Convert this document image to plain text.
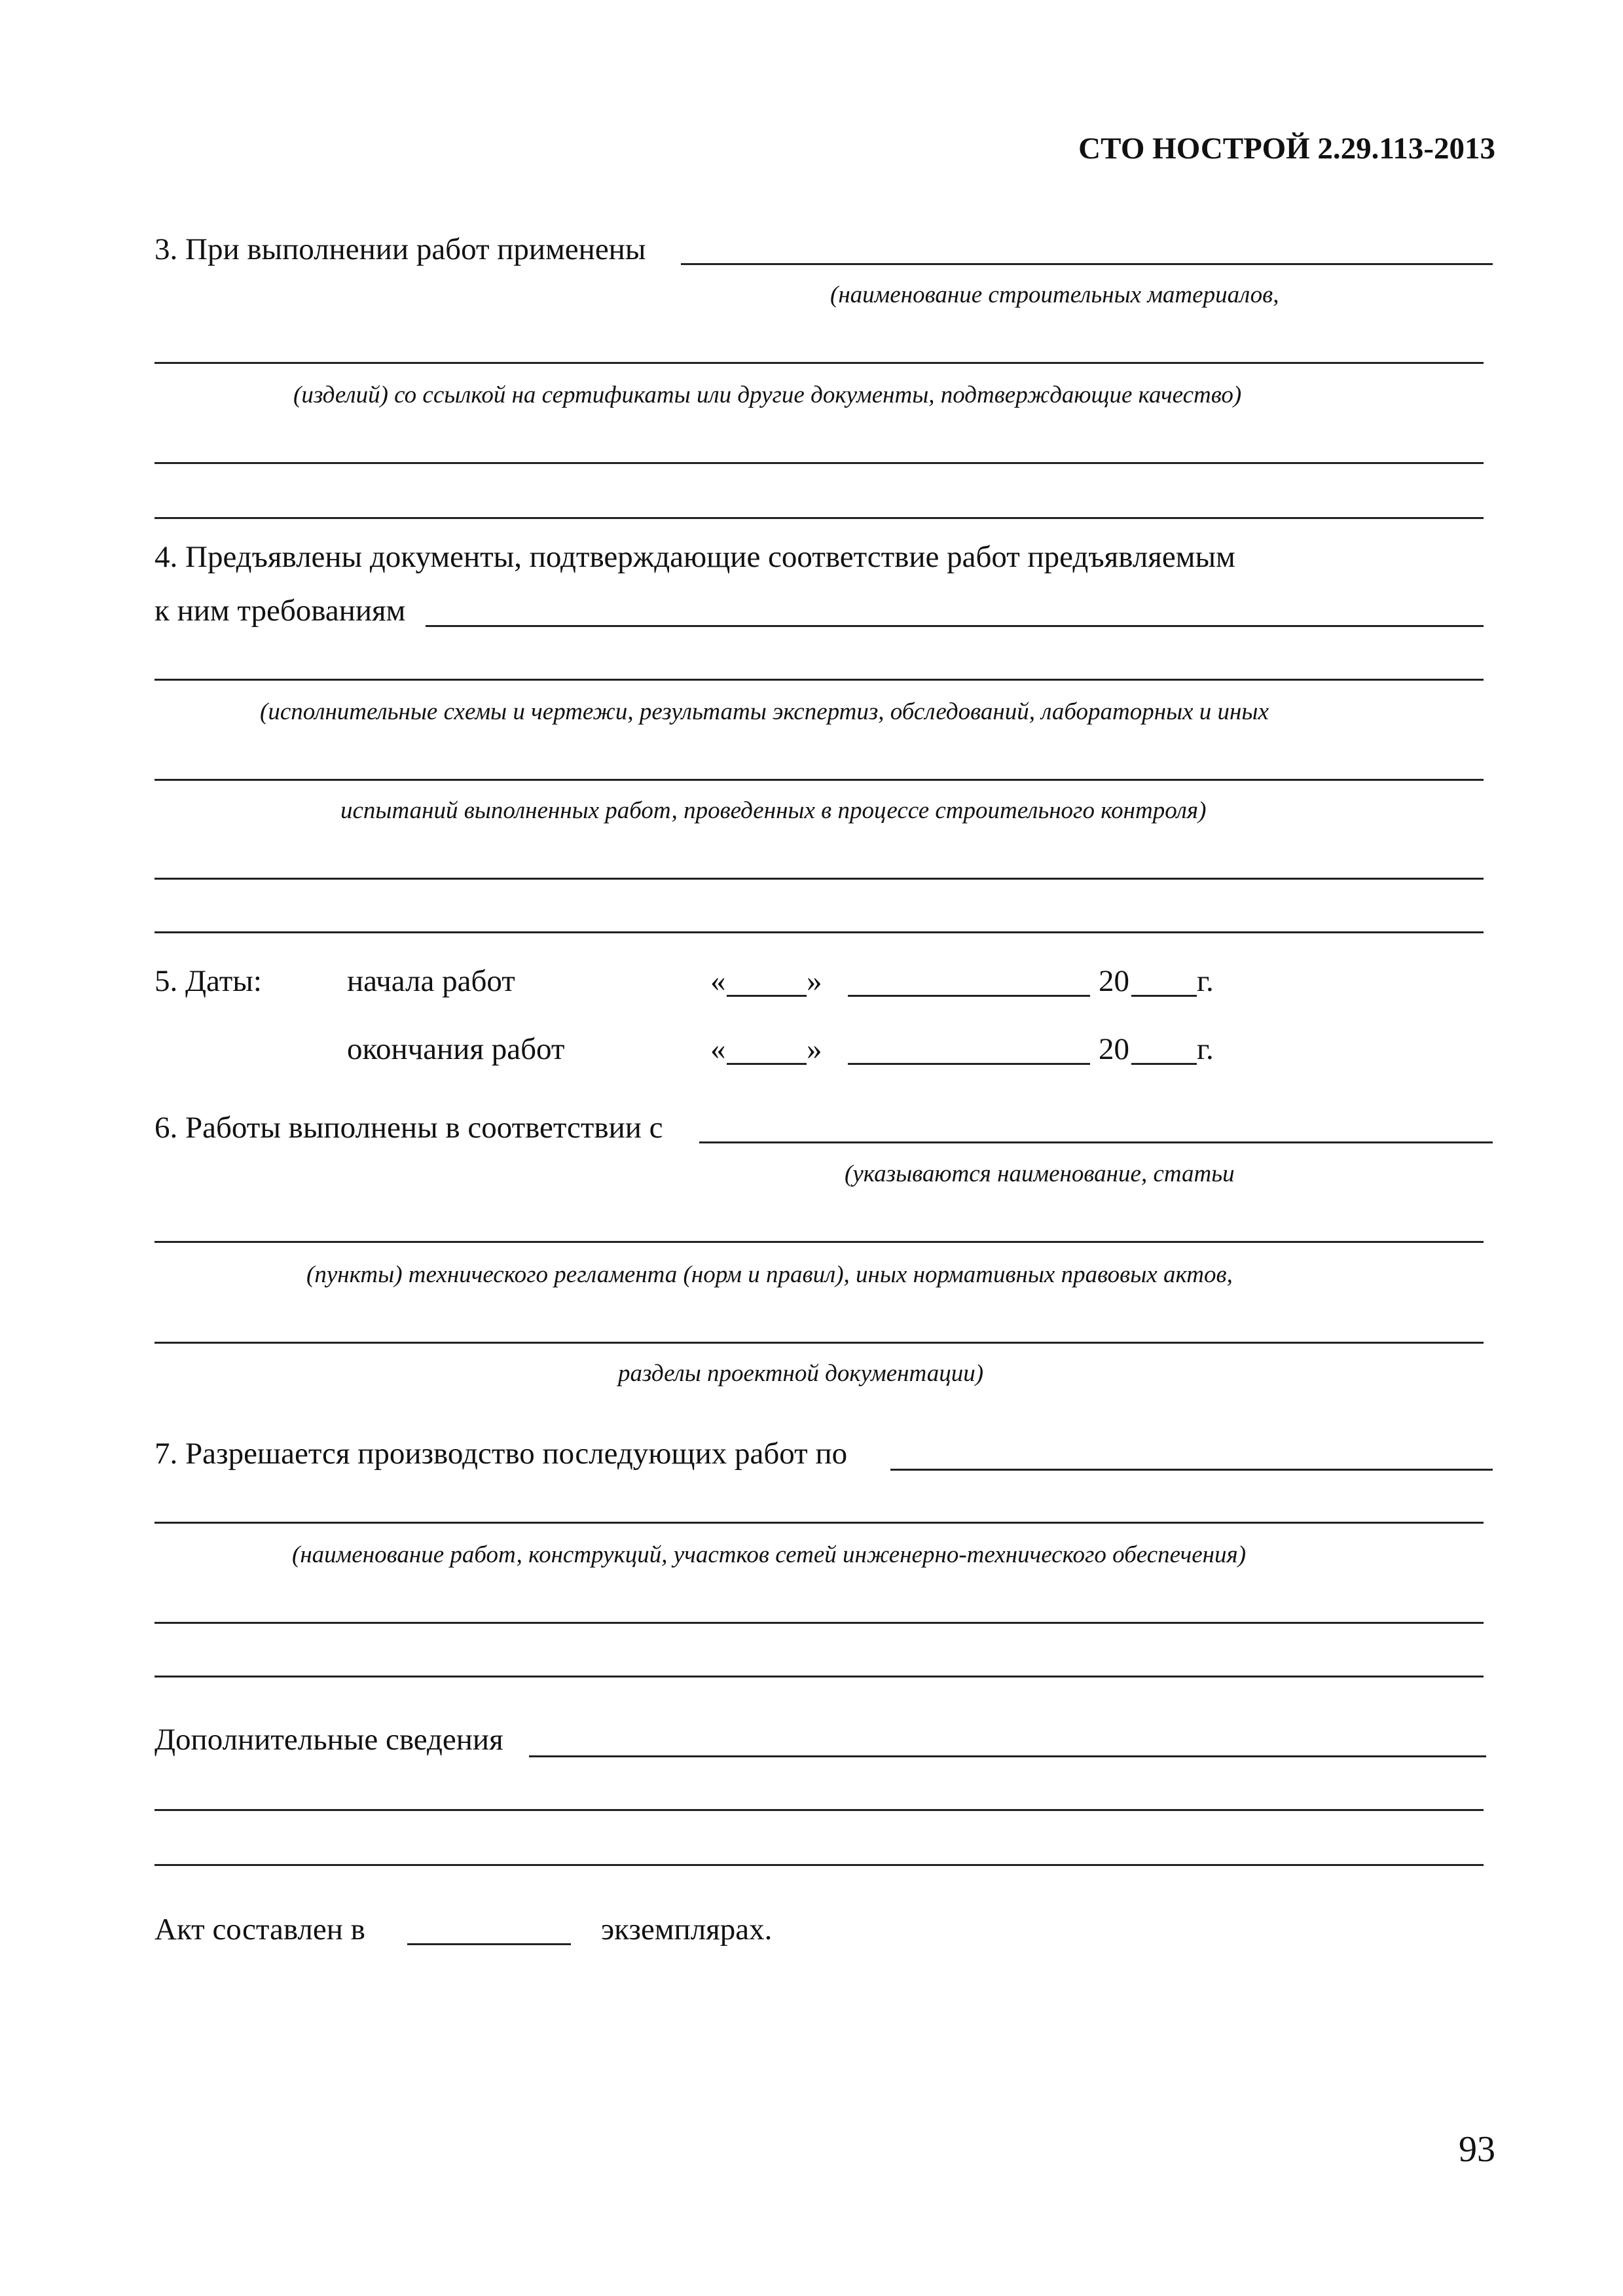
СТО НОСТРОЙ 2.29.113-2013
3. При выполнении работ применены
(наименование строительных материалов,
(изделий) со ссылкой на сертификаты или другие документы, подтверждающие качество)
4. Предъявлены документы, подтверждающие соответствие работ предъявляемым
к ним требованиям
(исполнительные схемы и чертежи, результаты экспертиз, обследований, лабораторных и иных
испытаний выполненных работ, проведенных в процессе строительного контроля)
5. Даты:	начала работ	«	»	20 г.
окончания работ	«	»	20 г.
6. Работы выполнены в соответствии с
(указываются наименование, статьи
(пункты) технического регламента (норм и правил), иных нормативных правовых актов,
разделы проектной документации)
7. Разрешается производство последующих работ по
(наименование работ, конструкций, участков сетей инженерно-технического обеспечения)
Дополнительные сведения
Акт составлен в	экземплярах.
93
